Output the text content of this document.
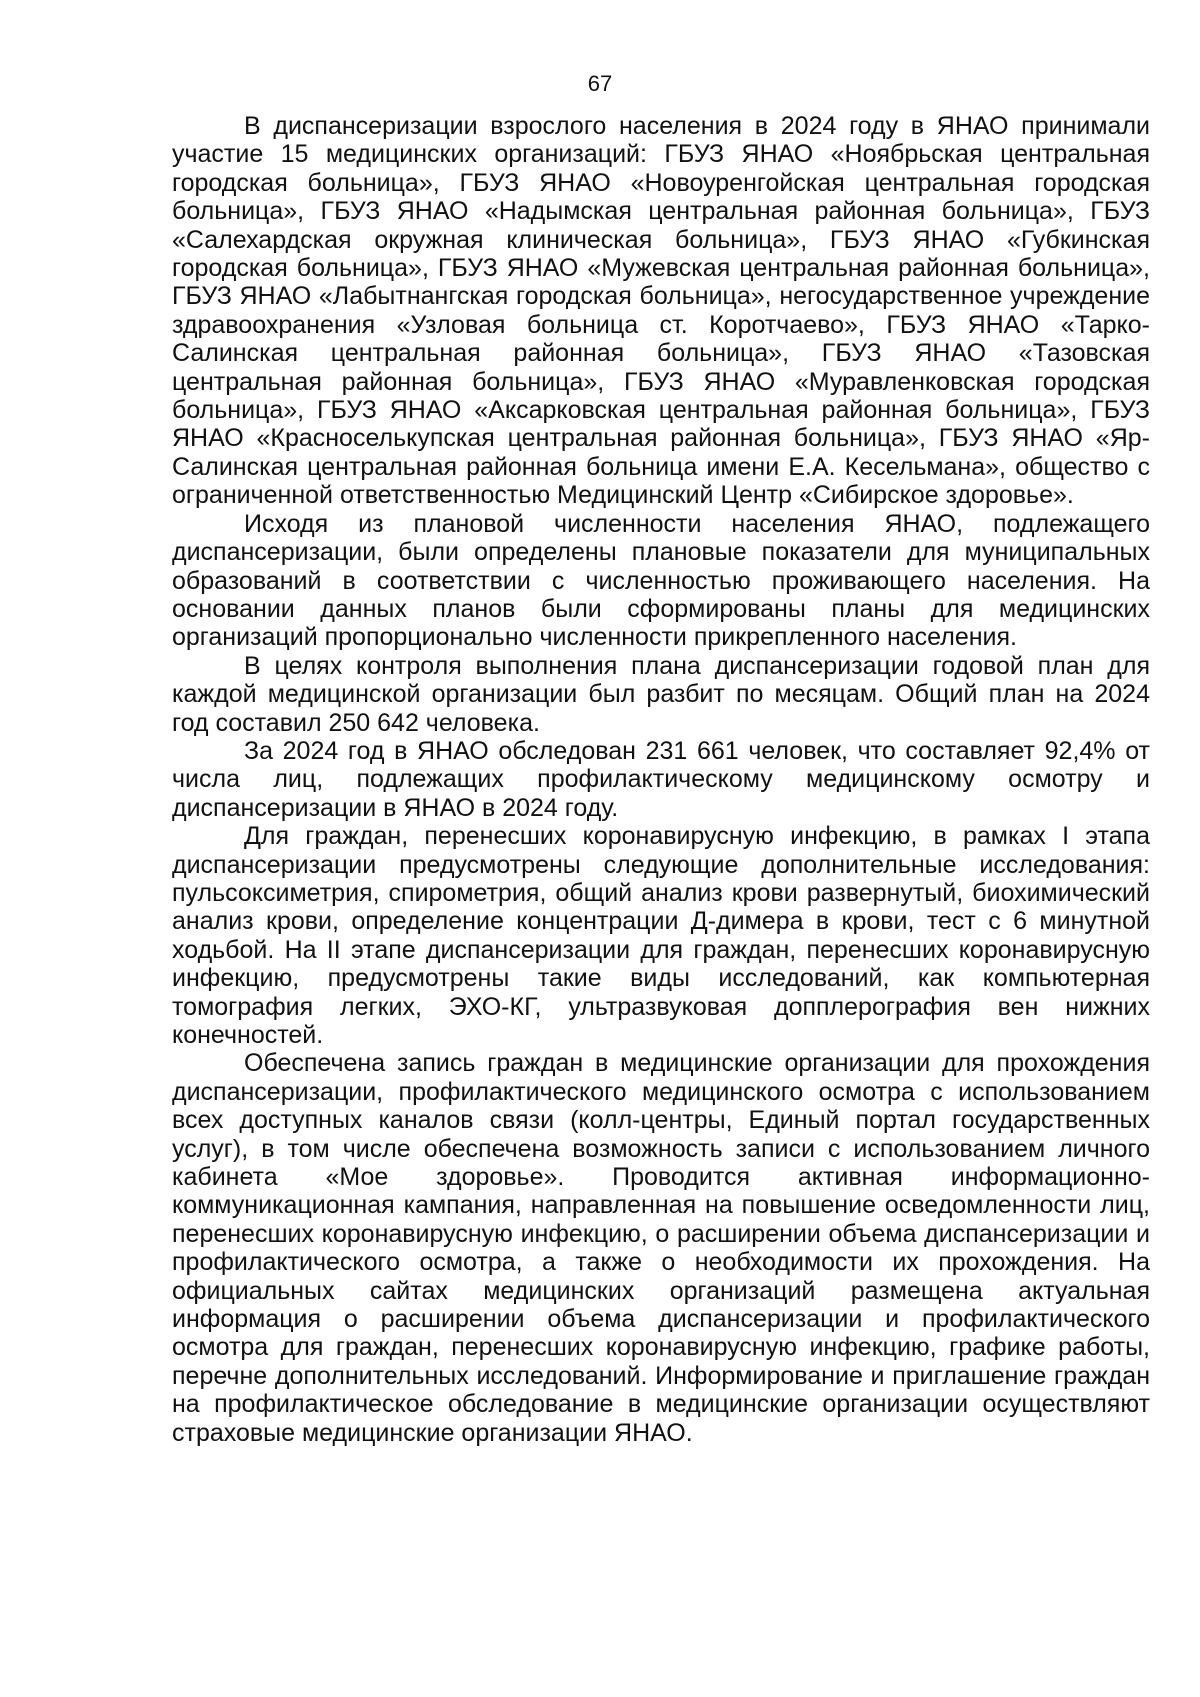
67

В диспансеризации взрослого населения в 2024 году в ЯНАО принимали участие 15 медицинских организаций: ГБУЗ ЯНАО «Ноябрьская центральная городская больница», ГБУЗ ЯНАО «Новоуренгойская центральная городская больница», ГБУЗ ЯНАО «Надымская центральная районная больница», ГБУЗ «Салехардская окружная клиническая больница», ГБУЗ ЯНАО «Губкинская городская больница», ГБУЗ ЯНАО «Мужевская центральная районная больница», ГБУЗ ЯНАО «Лабытнангская городская больница», негосударственное учреждение здравоохранения «Узловая больница ст. Коротчаево», ГБУЗ ЯНАО «Тарко-Салинская центральная районная больница», ГБУЗ ЯНАО «Тазовская центральная районная больница», ГБУЗ ЯНАО «Муравленковская городская больница», ГБУЗ ЯНАО «Аксарковская центральная районная больница», ГБУЗ ЯНАО «Красноселькупская центральная районная больница», ГБУЗ ЯНАО «Яр-Салинская центральная районная больница имени Е.А. Кесельмана», общество с ограниченной ответственностью Медицинский Центр «Сибирское здоровье».

Исходя из плановой численности населения ЯНАО, подлежащего диспансеризации, были определены плановые показатели для муниципальных образований в соответствии с численностью проживающего населения. На основании данных планов были сформированы планы для медицинских организаций пропорционально численности прикрепленного населения.

В целях контроля выполнения плана диспансеризации годовой план для каждой медицинской организации был разбит по месяцам. Общий план на 2024 год составил 250 642 человека.

За 2024 год в ЯНАО обследован 231 661 человек, что составляет 92,4% от числа лиц, подлежащих профилактическому медицинскому осмотру и диспансеризации в ЯНАО в 2024 году.

Для граждан, перенесших коронавирусную инфекцию, в рамках I этапа диспансеризации предусмотрены следующие дополнительные исследования: пульсоксиметрия, спирометрия, общий анализ крови развернутый, биохимический анализ крови, определение концентрации Д-димера в крови, тест с 6 минутной ходьбой. На II этапе диспансеризации для граждан, перенесших коронавирусную инфекцию, предусмотрены такие виды исследований, как компьютерная томография легких, ЭХО-КГ, ультразвуковая допплерография вен нижних конечностей.

Обеспечена запись граждан в медицинские организации для прохождения диспансеризации, профилактического медицинского осмотра с использованием всех доступных каналов связи (колл-центры, Единый портал государственных услуг), в том числе обеспечена возможность записи с использованием личного кабинета «Мое здоровье». Проводится активная информационно-коммуникационная кампания, направленная на повышение осведомленности лиц, перенесших коронавирусную инфекцию, о расширении объема диспансеризации и профилактического осмотра, а также о необходимости их прохождения. На официальных сайтах медицинских организаций размещена актуальная информация о расширении объема диспансеризации и профилактического осмотра для граждан, перенесших коронавирусную инфекцию, графике работы, перечне дополнительных исследований. Информирование и приглашение граждан на профилактическое обследование в медицинские организации осуществляют страховые медицинские организации ЯНАО.
